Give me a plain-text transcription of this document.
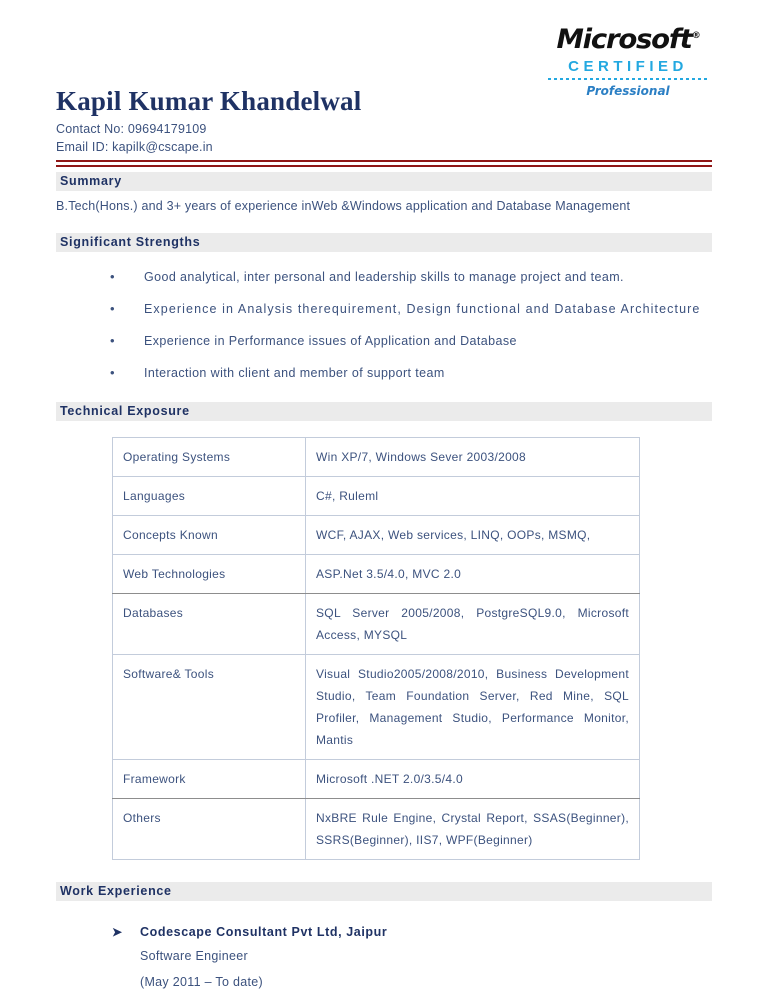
Microsoft®
CERTIFIED
Professional
Kapil Kumar Khandelwal

Contact No: 09694179109

Email ID: kapilk@cscape.in

Summary

B.Tech(Hons.) and 3+ years of experience inWeb &Windows application and Database Management

Significant Strengths
• Good analytical, inter personal and leadership skills to manage project and team.
• Experience in Analysis therequirement, Design functional and Database Architecture
• Experience in Performance issues of Application and Database
• Interaction with client and member of support team
Technical Exposure
Operating Systems	Win XP/7, Windows Sever 2003/2008
Languages	C#, Ruleml
Concepts Known	WCF, AJAX, Web services, LINQ, OOPs, MSMQ,
Web Technologies	ASP.Net 3.5/4.0, MVC 2.0
Databases	SQL Server 2005/2008, PostgreSQL9.0, Microsoft Access, MYSQL
Software& Tools	Visual Studio2005/2008/2010, Business Development Studio, Team Foundation Server, Red Mine, SQL Profiler, Management Studio, Performance Monitor, Mantis
Framework	Microsoft .NET 2.0/3.5/4.0
Others	NxBRE Rule Engine, Crystal Report, SSAS(Beginner), SSRS(Beginner), IIS7, WPF(Beginner)
Work Experience
➤ Codescape Consultant Pvt Ltd, Jaipur

Software Engineer

(May 2011 – To date)
